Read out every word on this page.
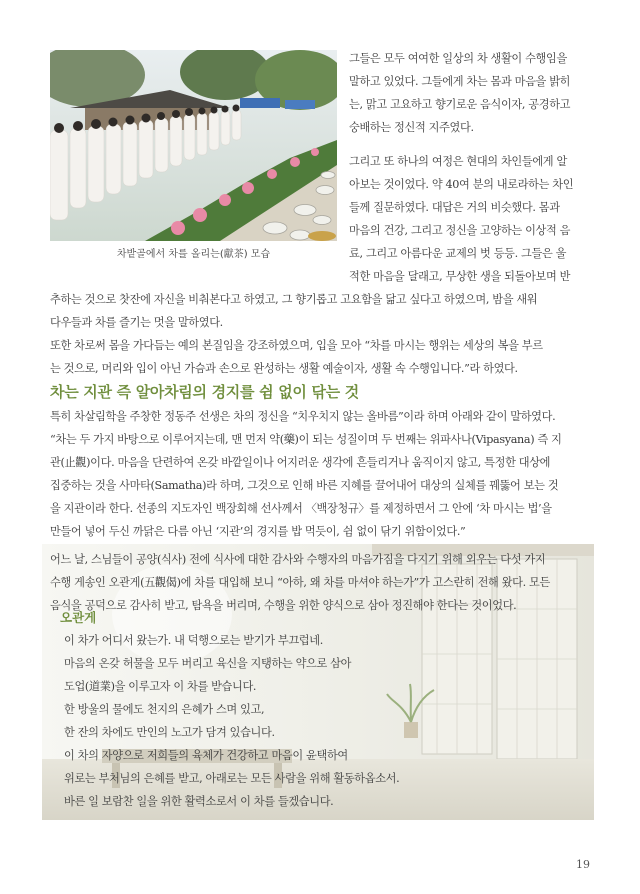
차밭골에서 차를 올리는(獻茶) 모습
그들은 모두 여여한 일상의 차 생활이 수행임을
말하고 있었다. 그들에게 차는 몸과 마음을 밝히
는, 맑고 고요하고 향기로운 음식이자, 공경하고
숭배하는 정신적 지주였다.
그리고 또 하나의 여정은 현대의 차인들에게 알
아보는 것이었다. 약 40여 분의 내로라하는 차인
들께 질문하였다. 대답은 거의 비슷했다. 몸과
마음의 건강, 그리고 정신을 고양하는 이상적 음
료, 그리고 아름다운 교제의 벗 등등. 그들은 울
적한 마음을 달래고, 무상한 생을 되돌아보며 반
추하는 것으로 찻잔에 자신을 비춰본다고 하였고, 그 향기롭고 고요함을 닮고 싶다고 하였으며, 밤을 새워
다우들과 차를 즐기는 멋을 말하였다.
또한 차로써 몸을 가다듬는 예의 본질임을 강조하였으며, 입을 모아 “차를 마시는 행위는 세상의 복을 부르
는 것으로, 머리와 입이 아닌 가슴과 손으로 완성하는 생활 예술이자, 생활 속 수행입니다.”라 하였다.
차는 지관 즉 알아차림의 경지를 쉼 없이 닦는 것
특히 차살림학을 주창한 정동주 선생은 차의 정신을 “치우치지 않는 올바름”이라 하며 아래와 같이 말하였다.
“차는 두 가지 바탕으로 이루어지는데, 맨 먼저 약(藥)이 되는 성질이며 두 번째는 위파사나(Vipasyana) 즉 지
관(止觀)이다. 마음을 단련하여 온갖 바깥일이나 어지러운 생각에 흔들리거나 움직이지 않고, 특정한 대상에
집중하는 것을 사마타(Samatha)라 하며, 그것으로 인해 바른 지혜를 끌어내어 대상의 실체를 꿰뚫어 보는 것
을 지관이라 한다. 선종의 지도자인 백장회해 선사께서 〈백장청규〉를 제정하면서 그 안에 ‘차 마시는 법’을
만들어 넣어 두신 까닭은 다름 아닌 ‘지관’의 경지를 밥 먹듯이, 쉼 없이 닦기 위함이었다.”
어느 날, 스님들이 공양(식사) 전에 식사에 대한 감사와 수행자의 마음가짐을 다지기 위해 외우는 다섯 가지
수행 게송인 오관게(五觀偈)에 차를 대입해 보니 “아하, 왜 차를 마셔야 하는가”가 고스란히 전해 왔다. 모든
음식을 공덕으로 감사히 받고, 탐욕을 버리며, 수행을 위한 양식으로 삼아 정진해야 한다는 것이었다.
오관게
이 차가 어디서 왔는가. 내 덕행으로는 받기가 부끄럽네.
마음의 온갖 허물을 모두 버리고 육신을 지탱하는 약으로 삼아
도업(道業)을 이루고자 이 차를 받습니다.
한 방울의 물에도 천지의 은혜가 스며 있고,
한 잔의 차에도 만인의 노고가 담겨 있습니다.
이 차의 자양으로 저희들의 육체가 건강하고 마음이 윤택하여
위로는 부처님의 은혜를 받고, 아래로는 모든 사람을 위해 활동하옵소서.
바른 일 보람찬 일을 위한 활력소로서 이 차를 들겠습니다.
19
